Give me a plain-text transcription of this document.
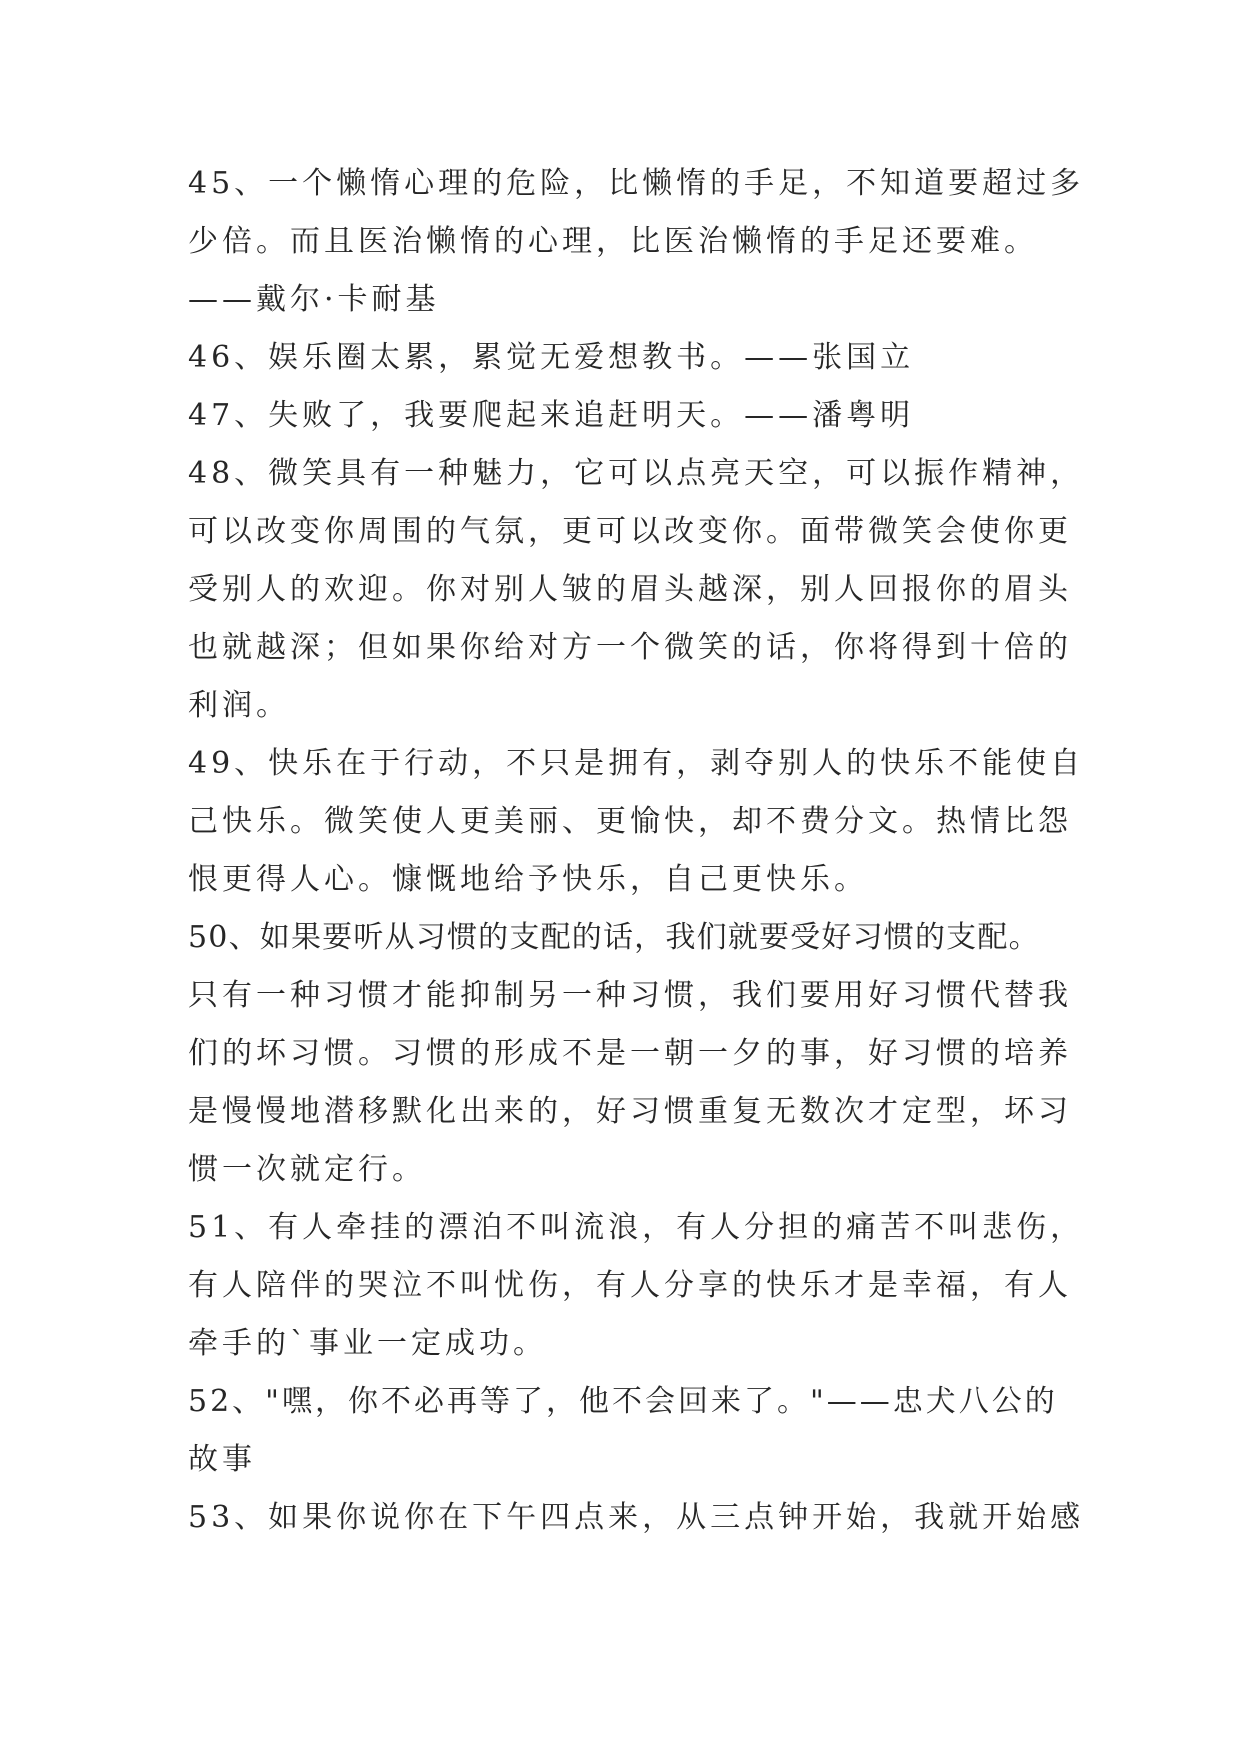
45、一个懒惰心理的危险，比懒惰的手足，不知道要超过多
少倍。而且医治懒惰的心理，比医治懒惰的手足还要难。
——戴尔·卡耐基
46、娱乐圈太累，累觉无爱想教书。——张国立
47、失败了，我要爬起来追赶明天。——潘粤明
48、微笑具有一种魅力，它可以点亮天空，可以振作精神，
可以改变你周围的气氛，更可以改变你。面带微笑会使你更
受别人的欢迎。你对别人皱的眉头越深，别人回报你的眉头
也就越深；但如果你给对方一个微笑的话，你将得到十倍的
利润。
49、快乐在于行动，不只是拥有，剥夺别人的快乐不能使自
己快乐。微笑使人更美丽、更愉快，却不费分文。热情比怨
恨更得人心。慷慨地给予快乐，自己更快乐。
50、如果要听从习惯的支配的话，我们就要受好习惯的支配。
只有一种习惯才能抑制另一种习惯，我们要用好习惯代替我
们的坏习惯。习惯的形成不是一朝一夕的事，好习惯的培养
是慢慢地潜移默化出来的，好习惯重复无数次才定型，坏习
惯一次就定行。
51、有人牵挂的漂泊不叫流浪，有人分担的痛苦不叫悲伤，
有人陪伴的哭泣不叫忧伤，有人分享的快乐才是幸福，有人
牵手的`事业一定成功。
52、"嘿，你不必再等了，他不会回来了。"——忠犬八公的
故事
53、如果你说你在下午四点来，从三点钟开始，我就开始感
